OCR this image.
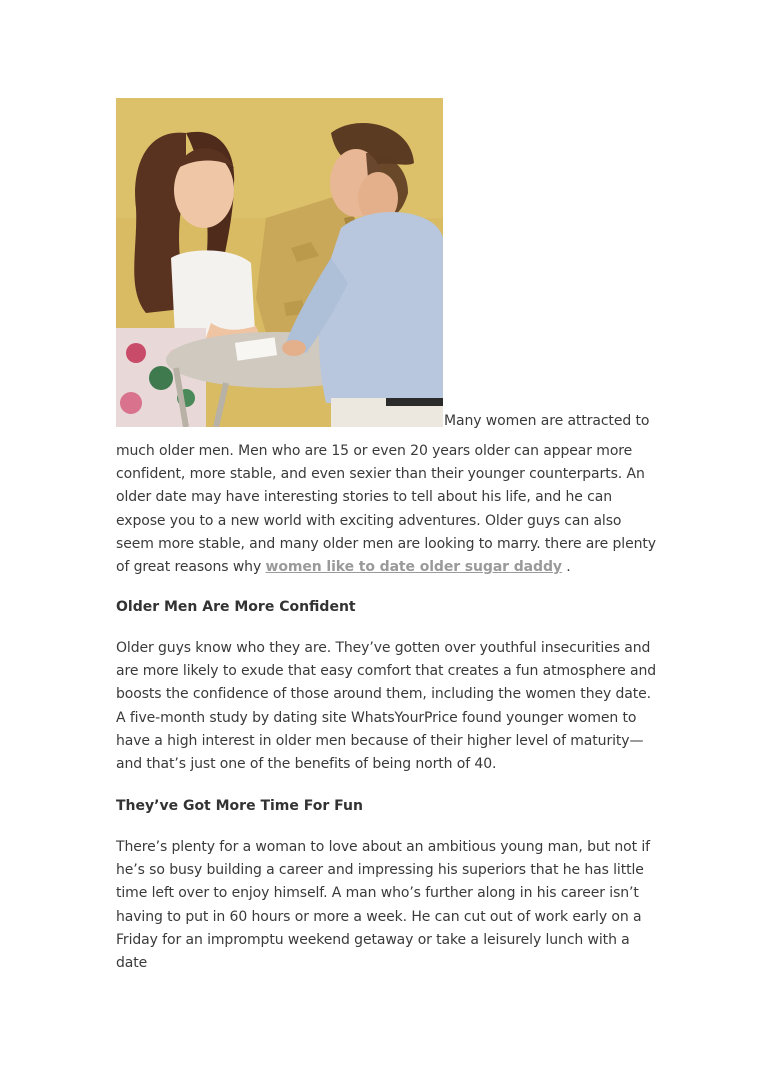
Many women are attracted to

much older men. Men who are 15 or even 20 years older can appear more confident, more stable, and even sexier than their younger counterparts. An older date may have interesting stories to tell about his life, and he can expose you to a new world with exciting adventures. Older guys can also seem more stable, and many older men are looking to marry. there are plenty of great reasons why women like to date older sugar daddy .

Older Men Are More Confident

Older guys know who they are. They’ve gotten over youthful insecurities and are more likely to exude that easy comfort that creates a fun atmosphere and boosts the confidence of those around them, including the women they date. A five-month study by dating site WhatsYourPrice found younger women to have a high interest in older men because of their higher level of maturity—and that’s just one of the benefits of being north of 40.

They’ve Got More Time For Fun

There’s plenty for a woman to love about an ambitious young man, but not if he’s so busy building a career and impressing his superiors that he has little time left over to enjoy himself. A man who’s further along in his career isn’t having to put in 60 hours or more a week. He can cut out of work early on a Friday for an impromptu weekend getaway or take a leisurely lunch with a date
